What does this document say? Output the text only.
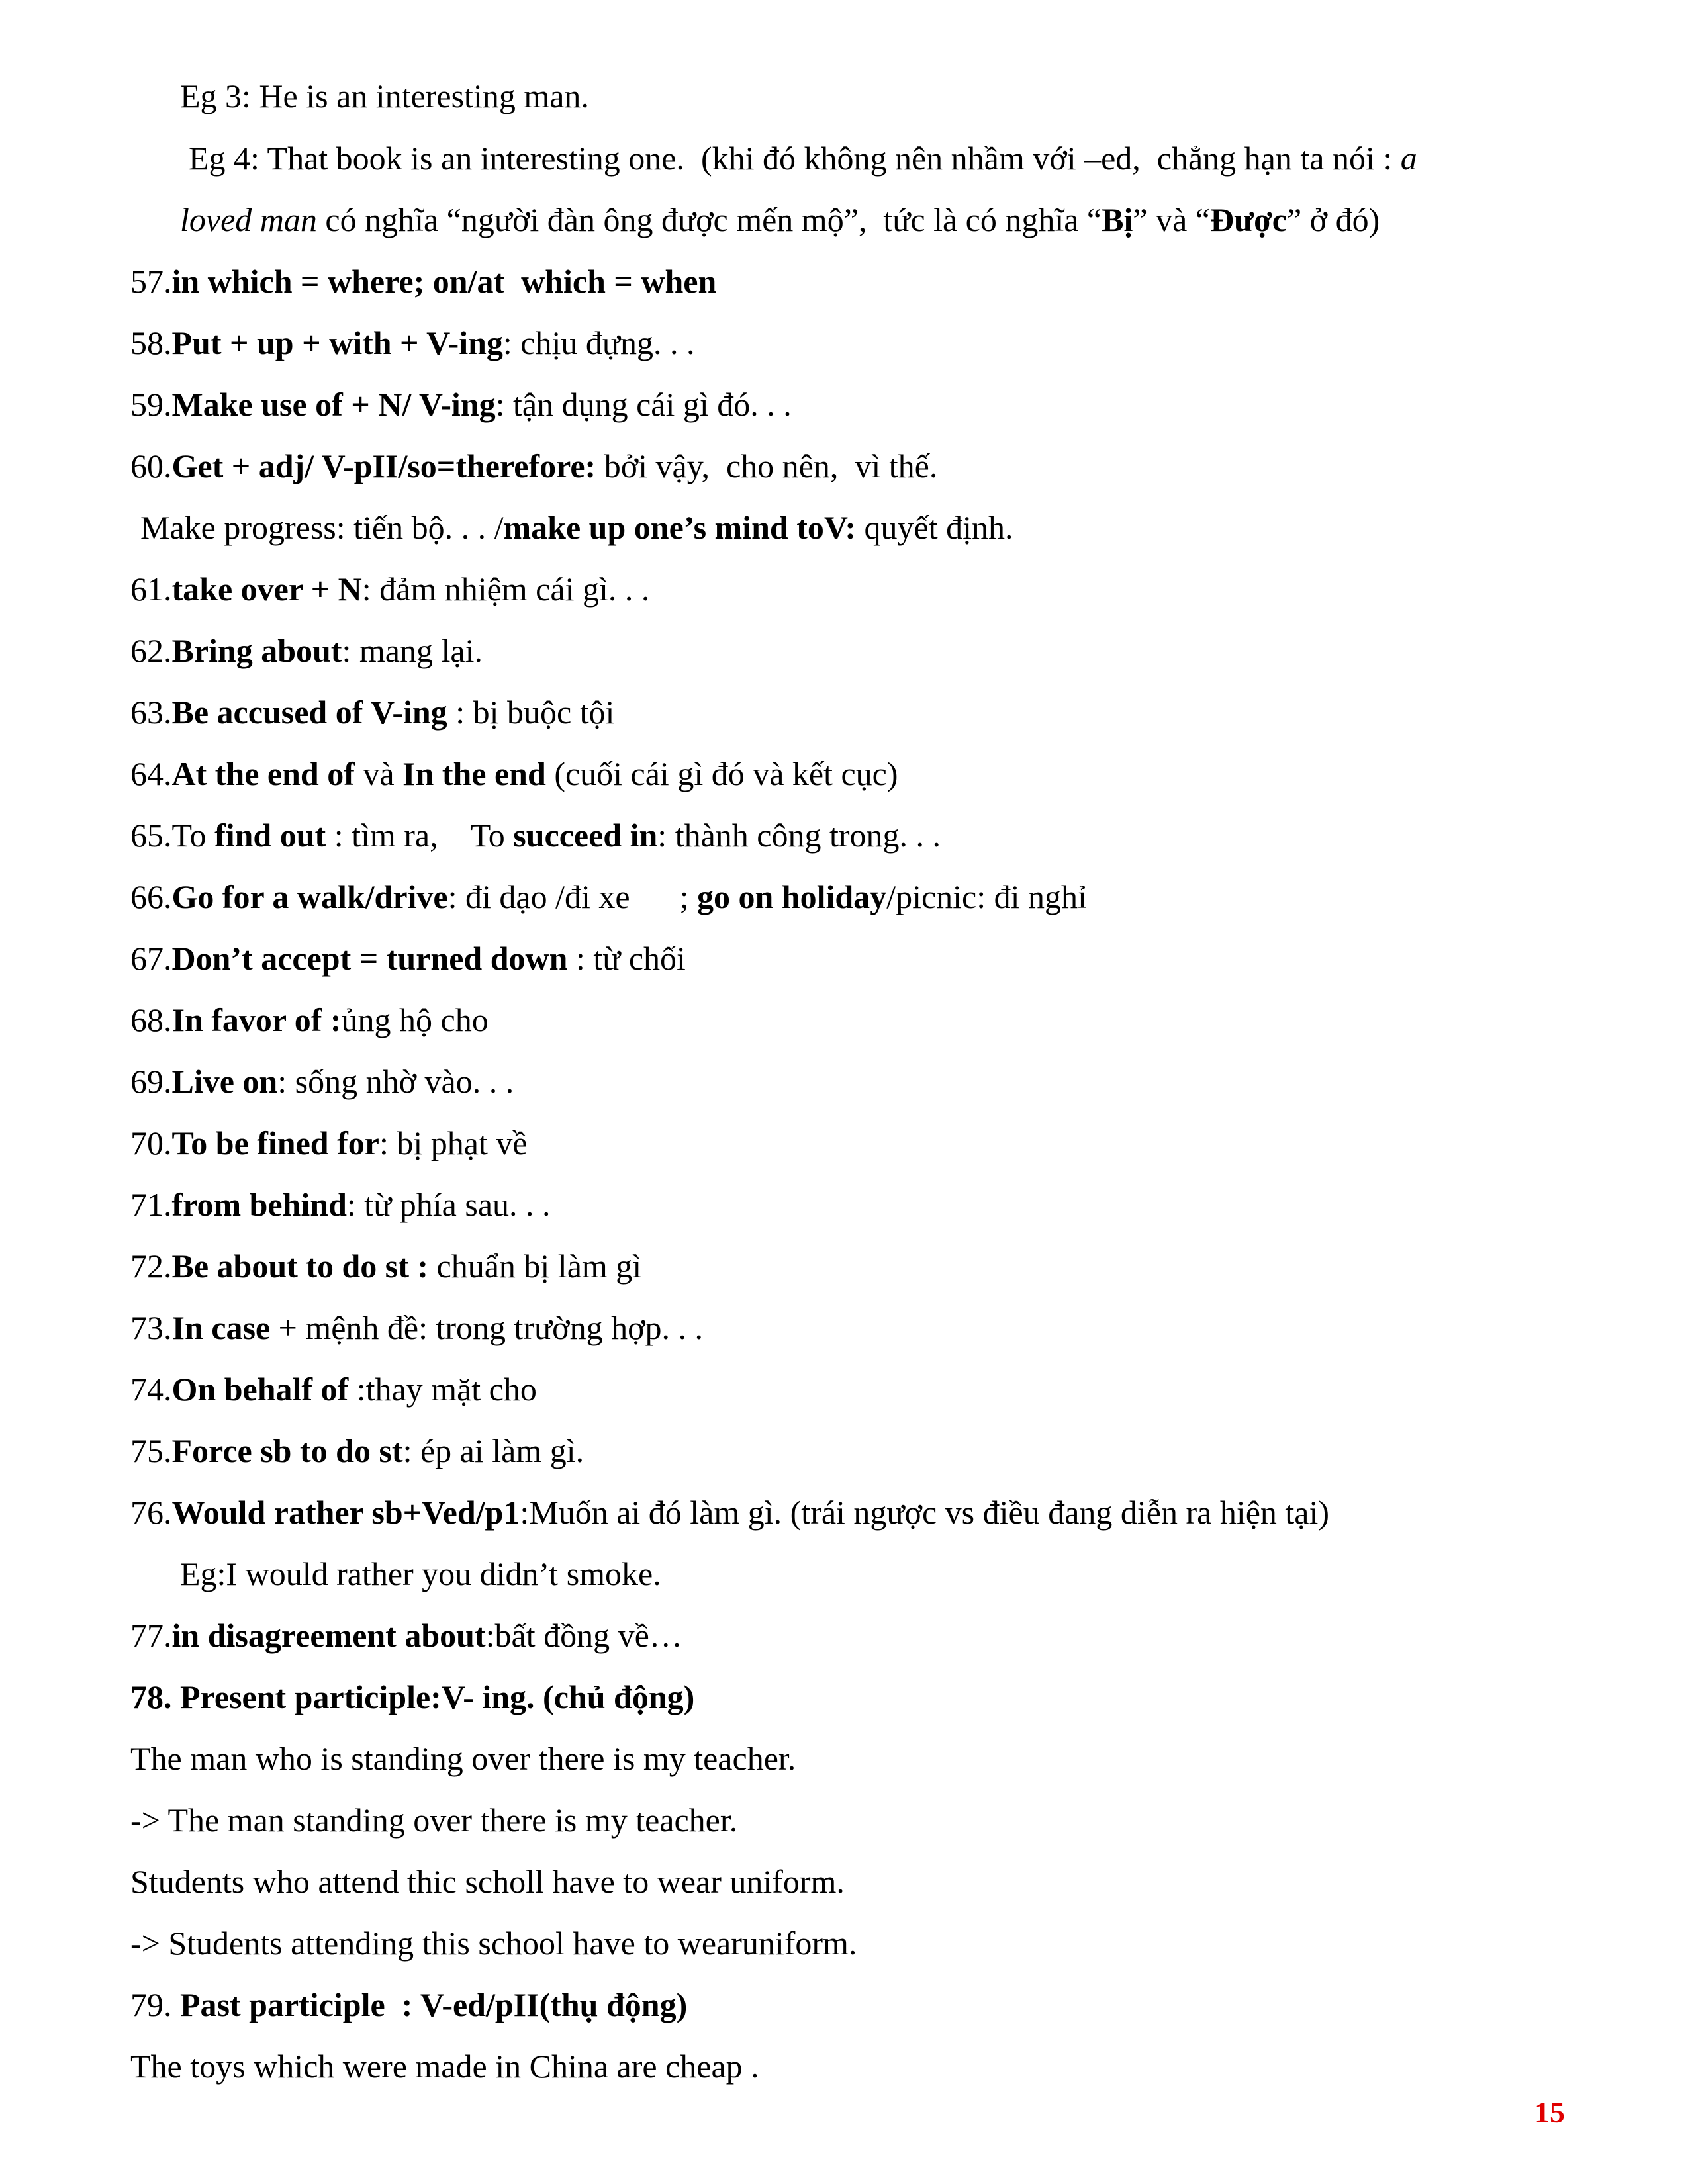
Eg 3: He is an interesting man.
Eg 4: That book is an interesting one.  (khi đó không nên nhầm với –ed,  chẳng hạn ta nói : a
loved man có nghĩa “người đàn ông được mến mộ”,  tức là có nghĩa “Bị” và “Được” ở đó)
57.in which = where; on/at  which = when
58.Put + up + with + V-ing: chịu đựng. . .
59.Make use of + N/ V-ing: tận dụng cái gì đó. . .
60.Get + adj/ V-pII/so=therefore: bởi vậy,  cho nên,  vì thế.
Make progress: tiến bộ. . . /make up one’s mind toV: quyết định.
61.take over + N: đảm nhiệm cái gì. . .
62.Bring about: mang lại.
63.Be accused of V-ing : bị buộc tội
64.At the end of và In the end (cuối cái gì đó và kết cục)
65.To find out : tìm ra,    To succeed in: thành công trong. . .
66.Go for a walk/drive: đi dạo /đi xe      ; go on holiday/picnic: đi nghỉ
67.Don’t accept = turned down : từ chối
68.In favor of :ủng hộ cho
69.Live on: sống nhờ vào. . .
70.To be fined for: bị phạt về
71.from behind: từ phía sau. . .
72.Be about to do st : chuẩn bị làm gì
73.In case + mệnh đề: trong trường hợp. . .
74.On behalf of :thay mặt cho
75.Force sb to do st: ép ai làm gì.
76.Would rather sb+Ved/p1:Muốn ai đó làm gì. (trái ngược vs điều đang diễn ra hiện tại)
Eg:I would rather you didn’t smoke.
77.in disagreement about:bất đồng về…
78. Present participle:V- ing. (chủ động)
The man who is standing over there is my teacher.
-> The man standing over there is my teacher.
Students who attend thic scholl have to wear uniform.
-> Students attending this school have to wearuniform.
79. Past participle  : V-ed/pII(thụ động)
The toys which were made in China are cheap .
15
